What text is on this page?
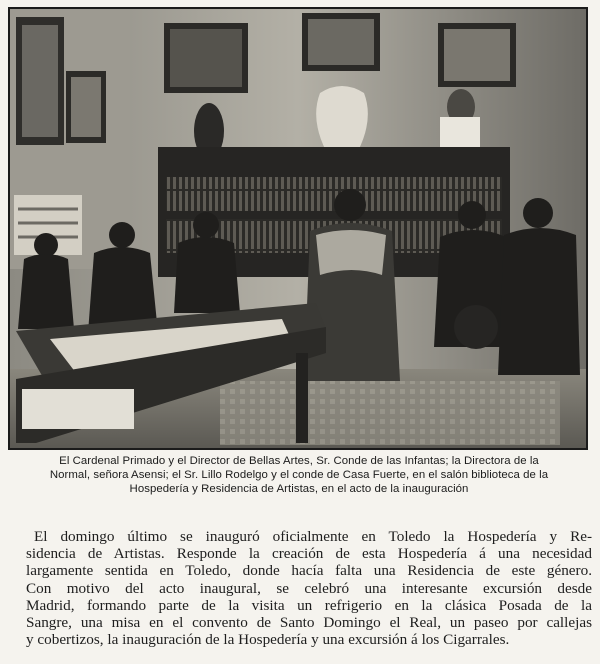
El Cardenal Primado y el Director de Bellas Artes, Sr. Conde de las Infantas; la Directora de la
Normal, señora Asensi; el Sr. Lillo Rodelgo y el conde de Casa Fuerte, en el salón biblioteca de la
Hospedería y Residencia de Artistas, en el acto de la inauguración
El domingo último se inauguró oficialmente en Toledo la Hospedería y Re-
sidencia de Artistas. Responde la creación de esta Hospedería á una necesidad
largamente sentida en Toledo, donde hacía falta una Residencia de este género.
Con motivo del acto inaugural, se celebró una interesante excursión desde
Madrid, formando parte de la visita un refrigerio en la clásica Posada de la
Sangre, una misa en el convento de Santo Domingo el Real, un paseo por callejas
y cobertizos, la inauguración de la Hospedería y una excursión á los Cigarrales.
